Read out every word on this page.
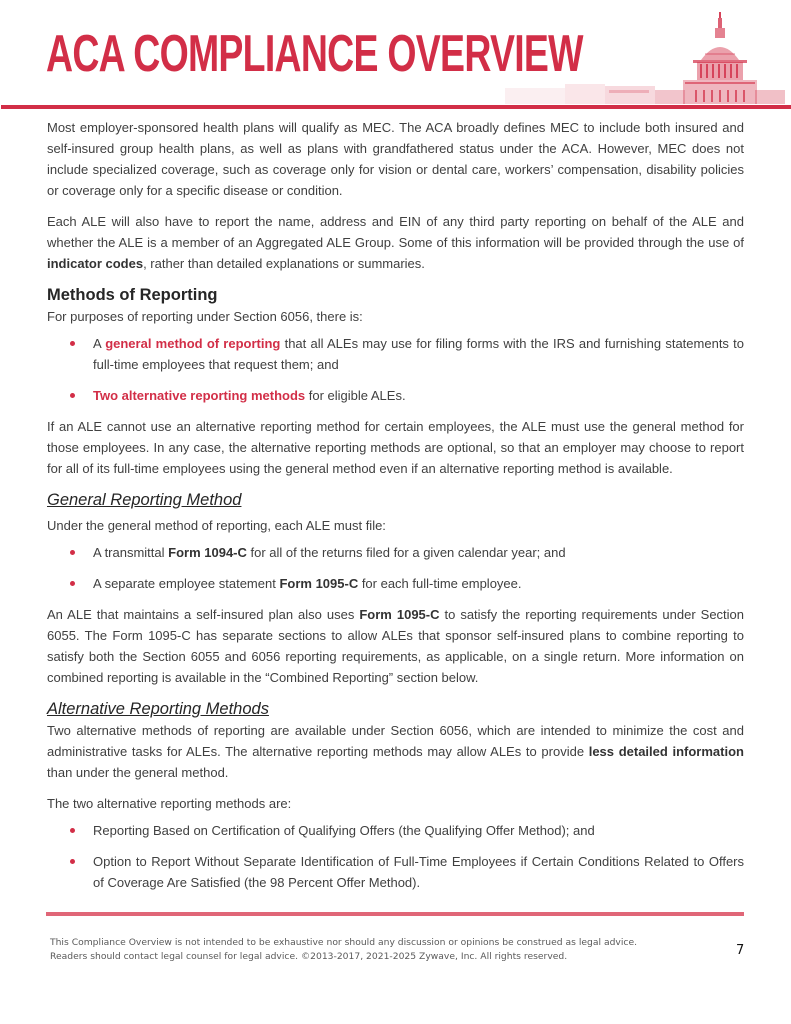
ACA COMPLIANCE OVERVIEW

Most employer-sponsored health plans will qualify as MEC. The ACA broadly defines MEC to include both insured and self-insured group health plans, as well as plans with grandfathered status under the ACA. However, MEC does not include specialized coverage, such as coverage only for vision or dental care, workers’ compensation, disability policies or coverage only for a specific disease or condition.

Each ALE will also have to report the name, address and EIN of any third party reporting on behalf of the ALE and whether the ALE is a member of an Aggregated ALE Group. Some of this information will be provided through the use of indicator codes, rather than detailed explanations or summaries.

Methods of Reporting

For purposes of reporting under Section 6056, there is:

A general method of reporting that all ALEs may use for filing forms with the IRS and furnishing statements to full-time employees that request them; and
Two alternative reporting methods for eligible ALEs.

If an ALE cannot use an alternative reporting method for certain employees, the ALE must use the general method for those employees. In any case, the alternative reporting methods are optional, so that an employer may choose to report for all of its full-time employees using the general method even if an alternative reporting method is available.

General Reporting Method

Under the general method of reporting, each ALE must file:

A transmittal Form 1094-C for all of the returns filed for a given calendar year; and
A separate employee statement Form 1095-C for each full-time employee.

An ALE that maintains a self-insured plan also uses Form 1095-C to satisfy the reporting requirements under Section 6055. The Form 1095-C has separate sections to allow ALEs that sponsor self-insured plans to combine reporting to satisfy both the Section 6055 and 6056 reporting requirements, as applicable, on a single return. More information on combined reporting is available in the “Combined Reporting” section below.

Alternative Reporting Methods

Two alternative methods of reporting are available under Section 6056, which are intended to minimize the cost and administrative tasks for ALEs. The alternative reporting methods may allow ALEs to provide less detailed information than under the general method.

The two alternative reporting methods are:

Reporting Based on Certification of Qualifying Offers (the Qualifying Offer Method); and
Option to Report Without Separate Identification of Full-Time Employees if Certain Conditions Related to Offers of Coverage Are Satisfied (the 98 Percent Offer Method).
This Compliance Overview is not intended to be exhaustive nor should any discussion or opinions be construed as legal advice. Readers should contact legal counsel for legal advice. ©2013-2017, 2021-2025 Zywave, Inc. All rights reserved.	7
